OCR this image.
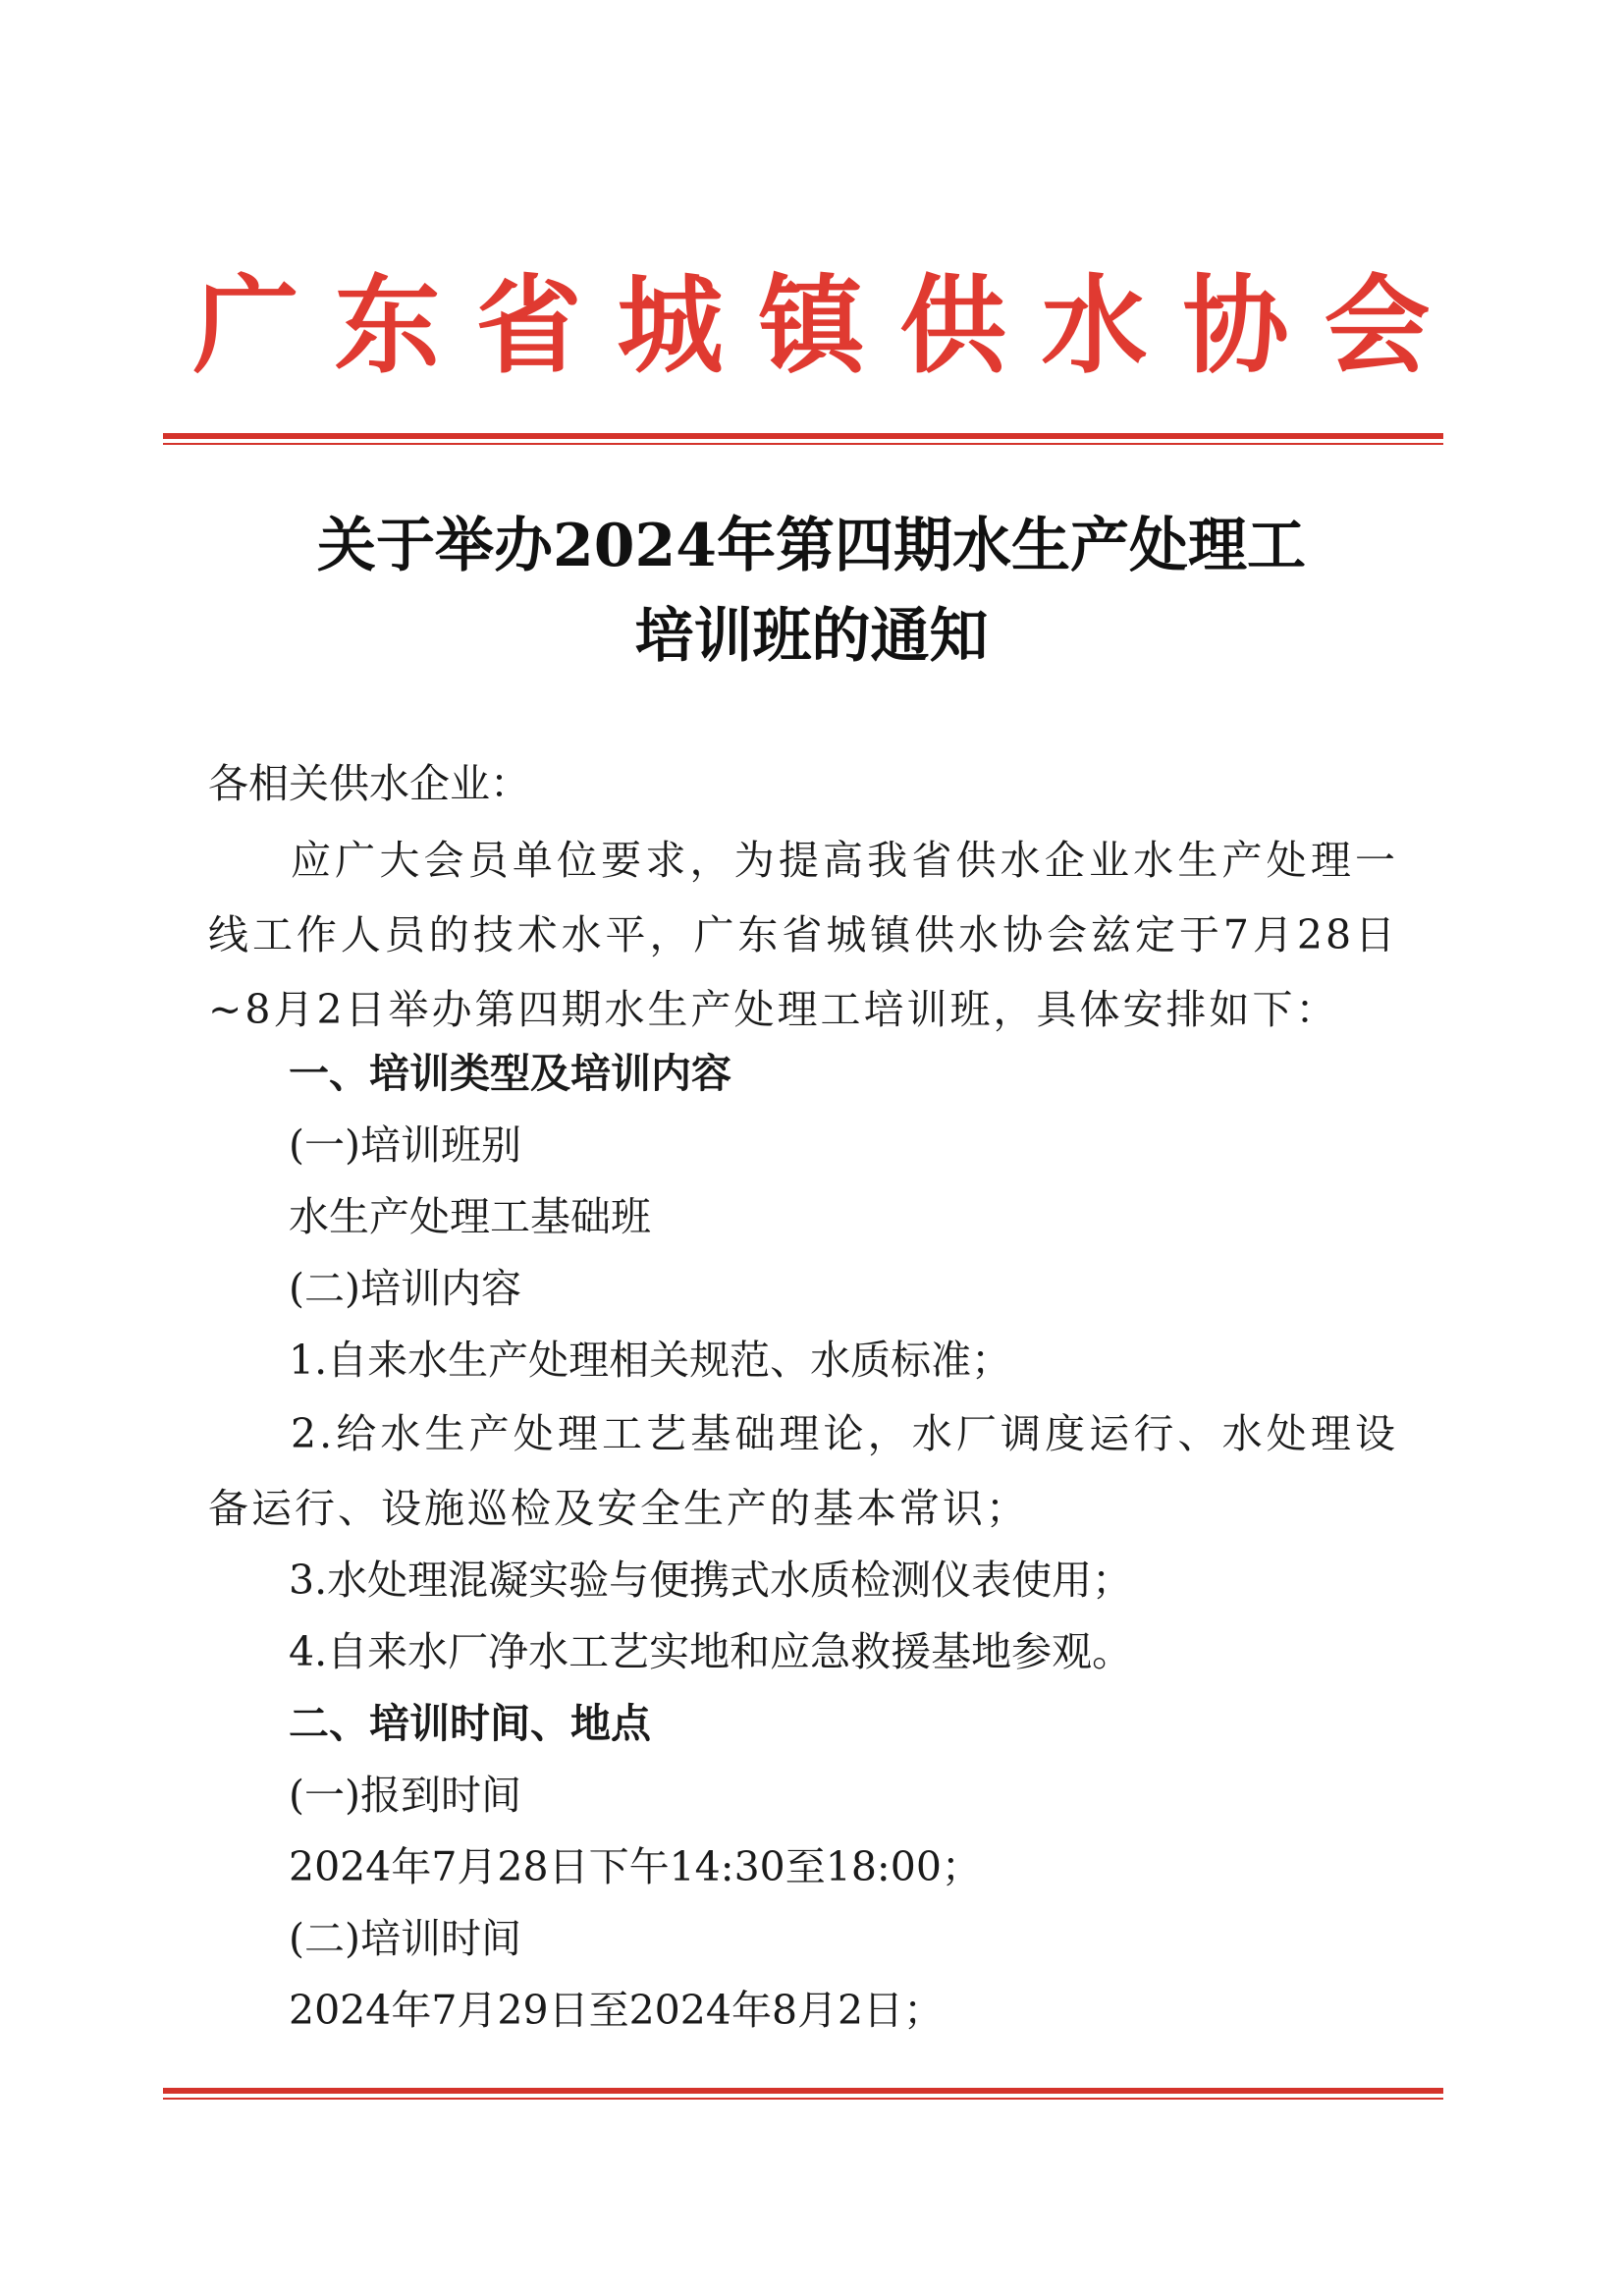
广东省城镇供水协会
关于举办2024年第四期水生产处理工
培训班的通知
各相关供水企业：
应广大会员单位要求，为提高我省供水企业水生产处理一线工作人员的技术水平，广东省城镇供水协会兹定于7月28日~8月2日举办第四期水生产处理工培训班，具体安排如下：
一、培训类型及培训内容
(一)培训班别
水生产处理工基础班
(二)培训内容
1.自来水生产处理相关规范、水质标准；
2.给水生产处理工艺基础理论，水厂调度运行、水处理设备运行、设施巡检及安全生产的基本常识；
3.水处理混凝实验与便携式水质检测仪表使用；
4.自来水厂净水工艺实地和应急救援基地参观。
二、培训时间、地点
(一)报到时间
2024年7月28日下午14:30至18:00；
(二)培训时间
2024年7月29日至2024年8月2日；
